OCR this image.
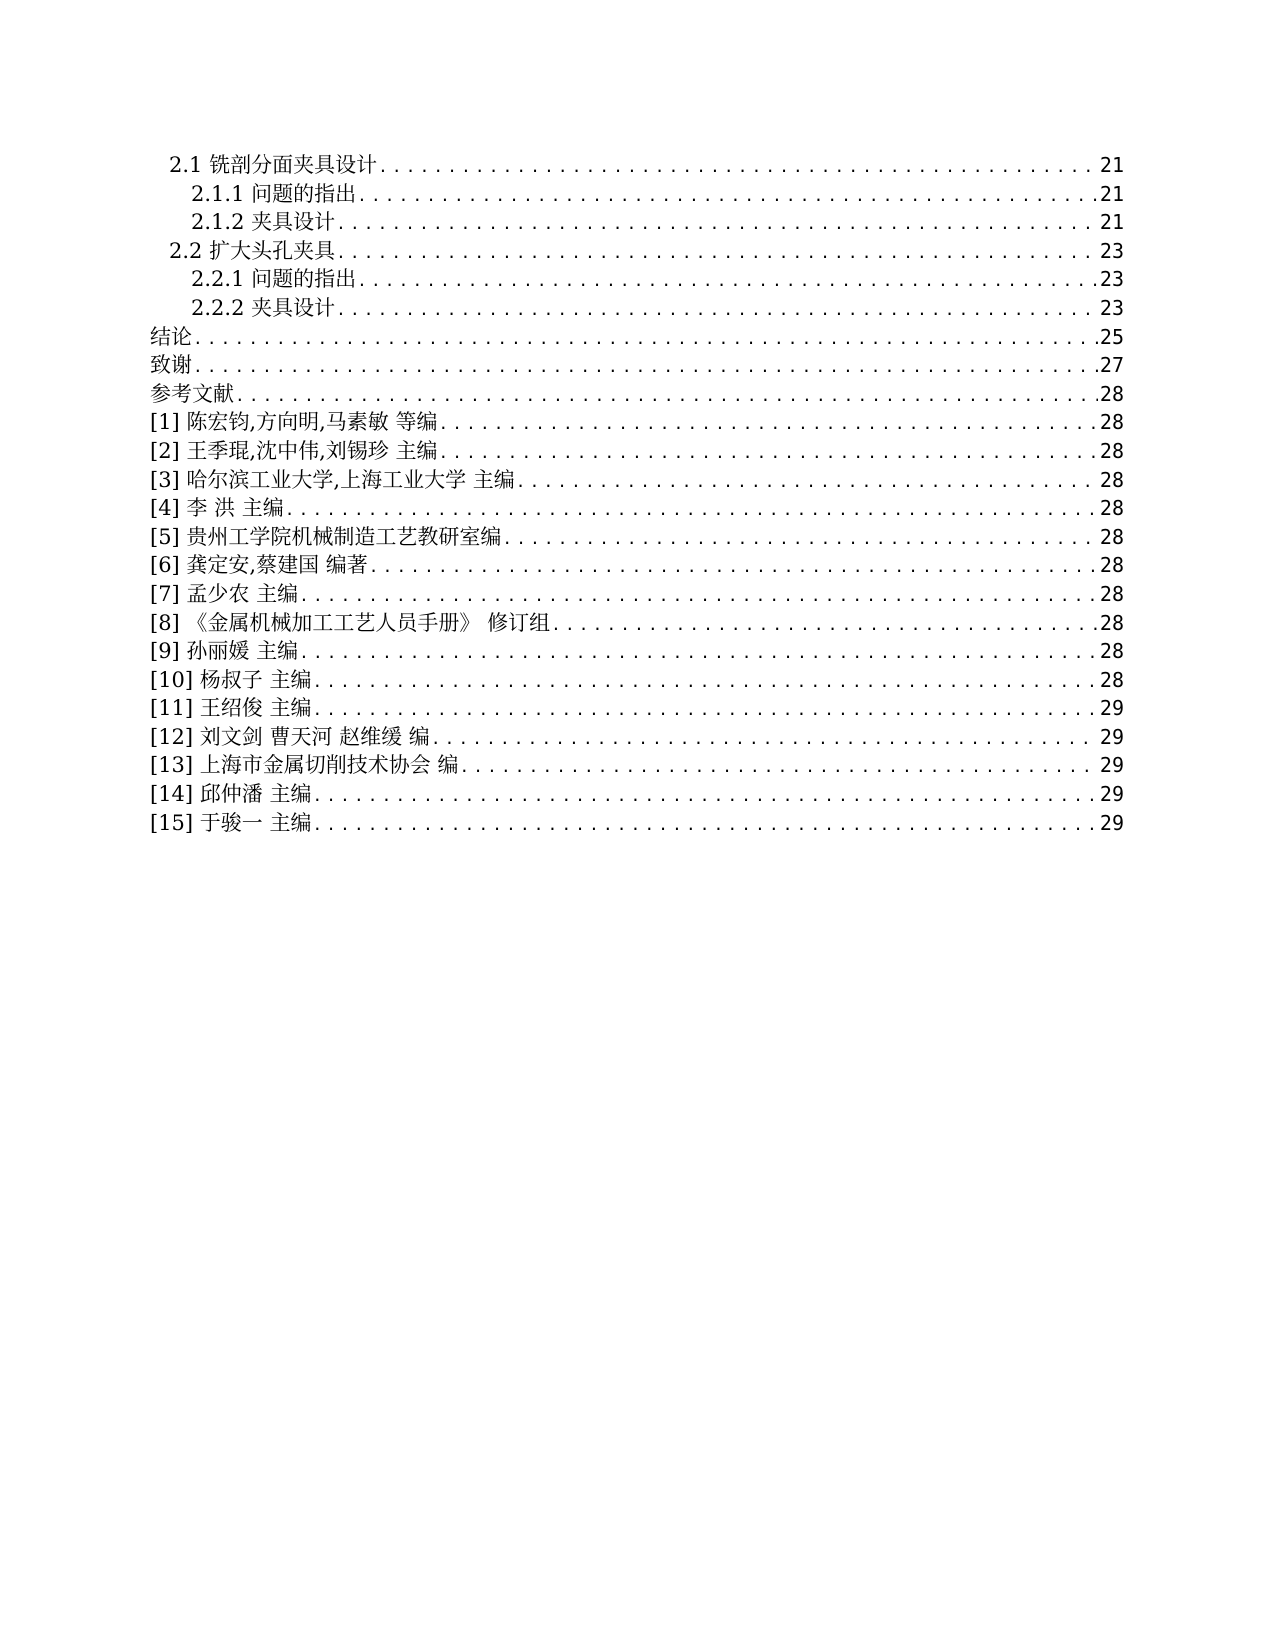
2.1 铣剖分面夹具设计 .....	21
2.1.1 问题的指出 .....	21
2.1.2 夹具设计 .....	21
2.2 扩大头孔夹具 .....	23
2.2.1 问题的指出 .....	23
2.2.2 夹具设计 .....	23
结论 .....	25
致谢 .....	27
参考文献 .....	28
[1] 陈宏钧,方向明,马素敏 等编 .....	28
[2] 王季琨,沈中伟,刘锡珍 主编 .....	28
[3] 哈尔滨工业大学,上海工业大学 主编 .....	28
[4] 李 洪 主编 .....	28
[5] 贵州工学院机械制造工艺教研室编 .....	28
[6] 龚定安,蔡建国 编著 .....	28
[7] 孟少农 主编 .....	28
[8] 《金属机械加工工艺人员手册》 修订组 .....	28
[9] 孙丽媛 主编 .....	28
[10] 杨叔子 主编 .....	28
[11] 王绍俊 主编 .....	29
[12] 刘文剑 曹天河 赵维缓 编 .....	29
[13] 上海市金属切削技术协会 编 .....	29
[14] 邱仲潘 主编 .....	29
[15] 于骏一 主编 .....	29
